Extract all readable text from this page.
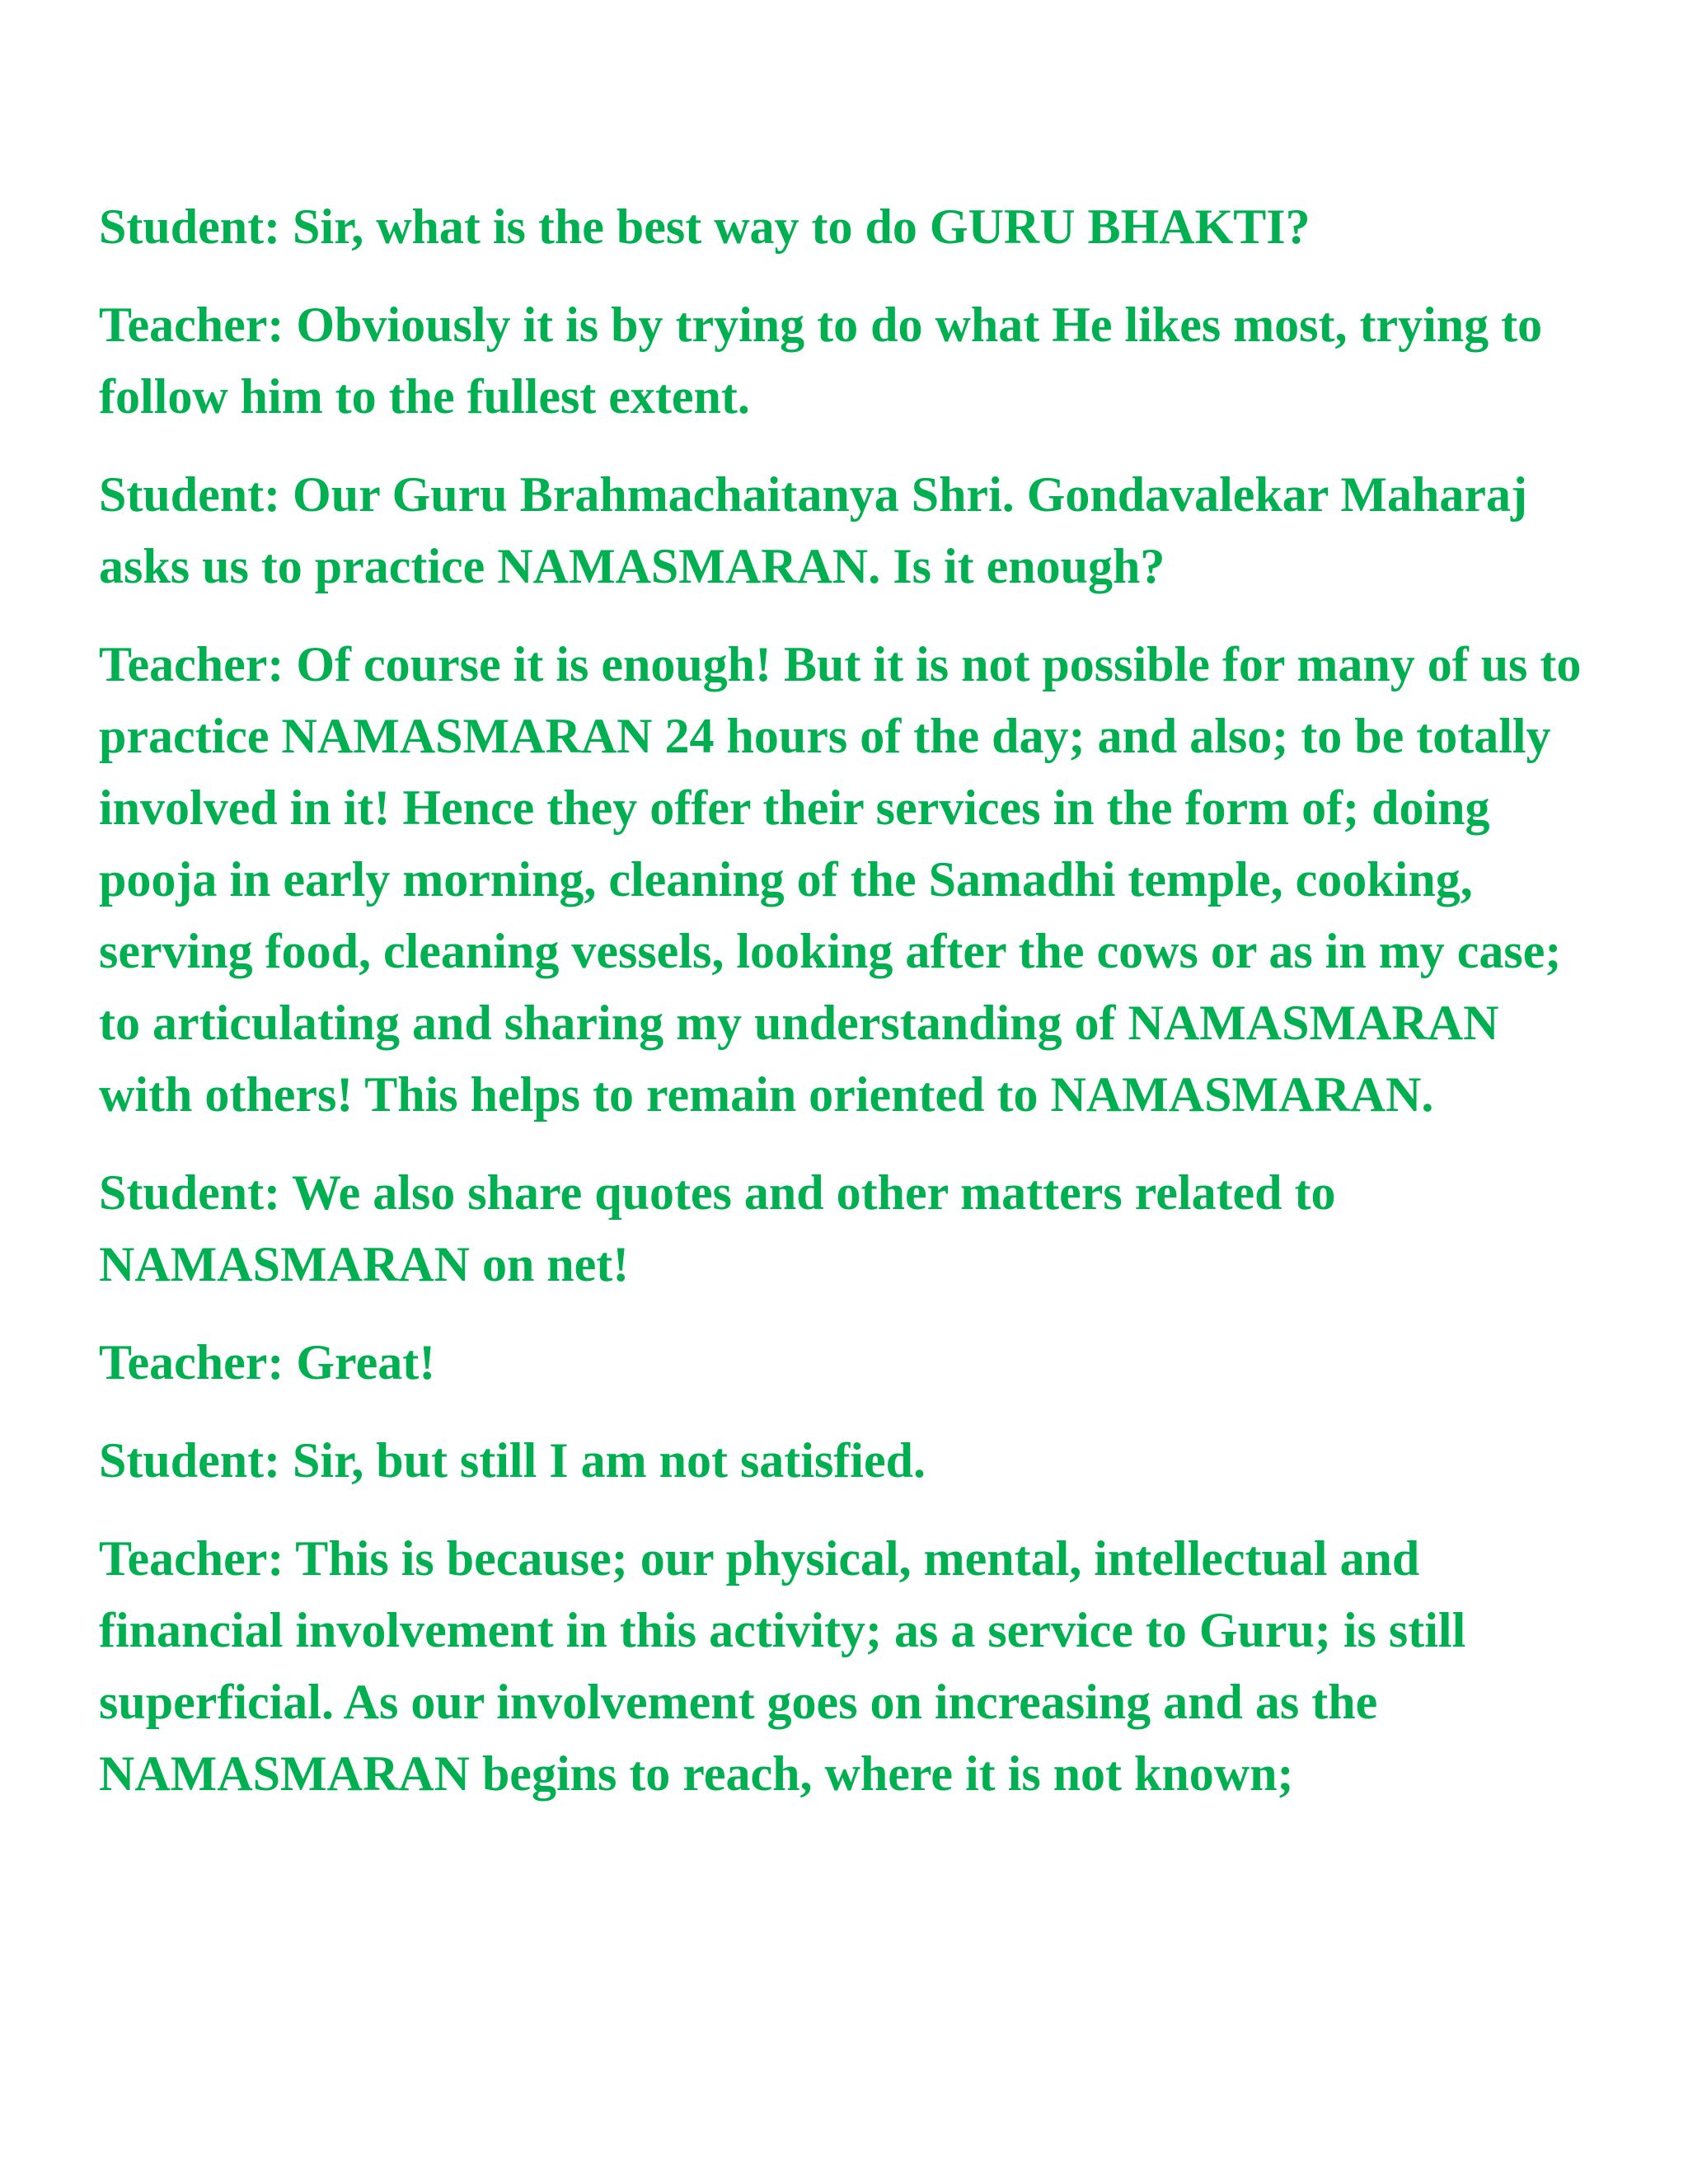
Student: Sir, what is the best way to do GURU BHAKTI?

Teacher: Obviously it is by trying to do what He likes most, trying to follow him to the fullest extent.

Student: Our Guru Brahmachaitanya Shri. Gondavalekar Maharaj asks us to practice NAMASMARAN. Is it enough?

Teacher: Of course it is enough! But it is not possible for many of us to practice NAMASMARAN 24 hours of the day; and also; to be totally involved in it! Hence they offer their services in the form of; doing pooja in early morning, cleaning of the Samadhi temple, cooking, serving food, cleaning vessels, looking after the cows or as in my case; to articulating and sharing my understanding of NAMASMARAN with others! This helps to remain oriented to NAMASMARAN.

Student: We also share quotes and other matters related to NAMASMARAN on net!

Teacher: Great!

Student: Sir, but still I am not satisfied.

Teacher: This is because; our physical, mental, intellectual and financial involvement in this activity; as a service to Guru; is still superficial. As our involvement goes on increasing and as the NAMASMARAN begins to reach, where it is not known;
